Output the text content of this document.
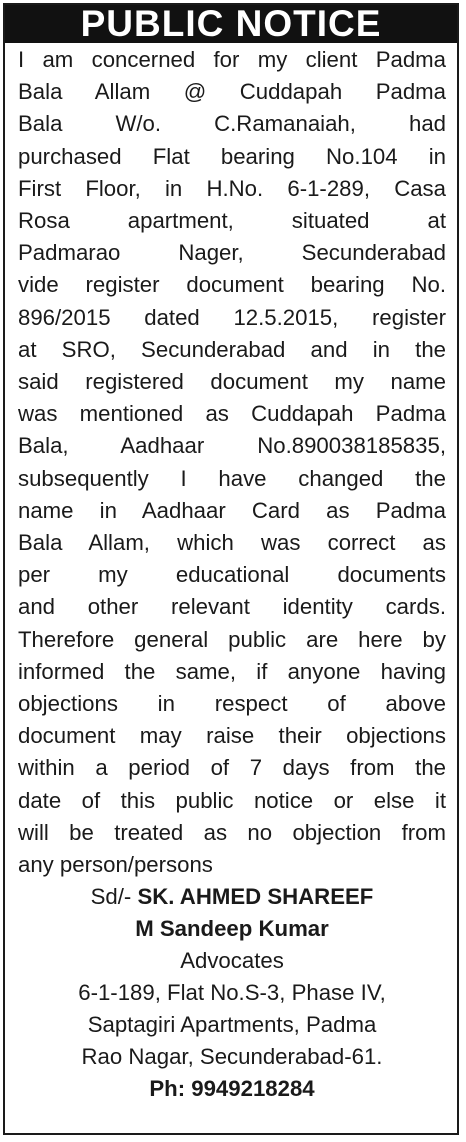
PUBLIC NOTICE
I am concerned for my client Padma
Bala Allam @ Cuddapah Padma
Bala W/o. C.Ramanaiah, had
purchased Flat bearing No.104 in
First Floor, in H.No. 6-1-289, Casa
Rosa apartment, situated at
Padmarao Nager, Secunderabad
vide register document bearing No.
896/2015 dated 12.5.2015, register
at SRO, Secunderabad and in the
said registered document my name
was mentioned as Cuddapah Padma
Bala, Aadhaar No.890038185835,
subsequently I have changed the
name in Aadhaar Card as Padma
Bala Allam, which was correct as
per my educational documents
and other relevant identity cards.
Therefore general public are here by
informed the same, if anyone having
objections in respect of above
document may raise their objections
within a period of 7 days from the
date of this public notice or else it
will be treated as no objection from
any person/persons
Sd/- SK. AHMED SHAREEF
M Sandeep Kumar
Advocates
6-1-189, Flat No.S-3, Phase IV,
Saptagiri Apartments, Padma
Rao Nagar, Secunderabad-61.
Ph: 9949218284
